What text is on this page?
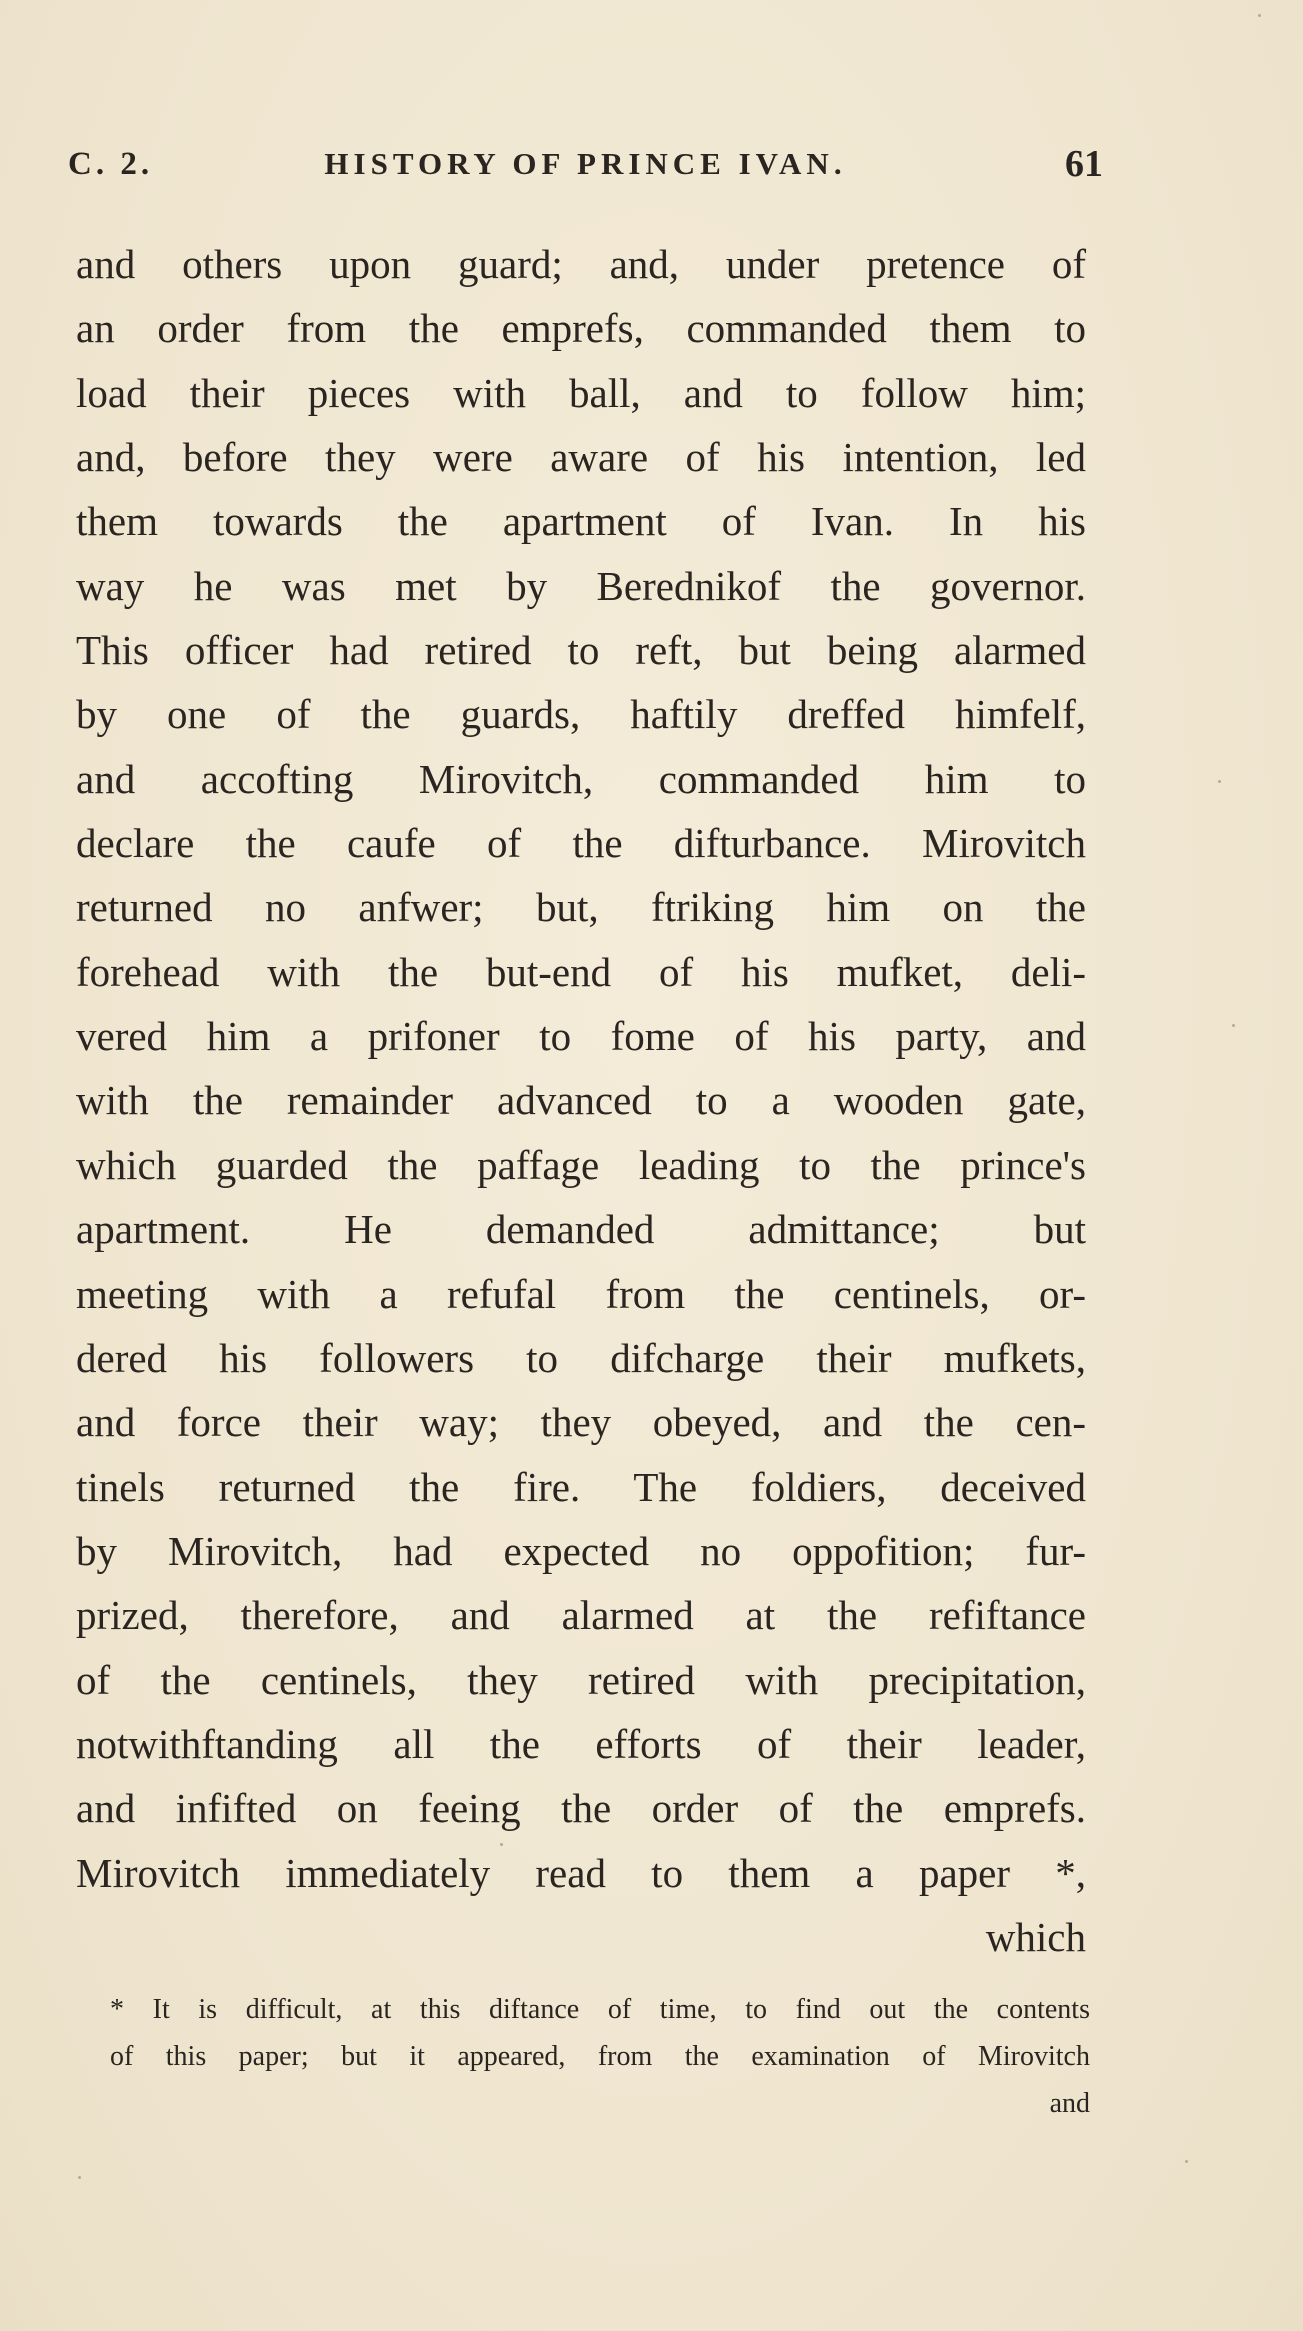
C. 2.	HISTORY OF PRINCE IVAN.	61
and others upon guard; and, under pretence of
an order from the emprefs, commanded them to
load their pieces with ball, and to follow him;
and, before they were aware of his intention, led
them towards the apartment of Ivan. In his
way he was met by Berednikof the governor.
This officer had retired to reft, but being alarmed
by one of the guards, haftily dreffed himfelf,
and accofting Mirovitch, commanded him to
declare the caufe of the difturbance. Mirovitch
returned no anfwer; but, ftriking him on the
forehead with the but-end of his mufket, deli-
vered him a prifoner to fome of his party, and
with the remainder advanced to a wooden gate,
which guarded the paffage leading to the prince's
apartment. He demanded admittance; but
meeting with a refufal from the centinels, or-
dered his followers to difcharge their mufkets,
and force their way; they obeyed, and the cen-
tinels returned the fire. The foldiers, deceived
by Mirovitch, had expected no oppofition; fur-
prized, therefore, and alarmed at the refiftance
of the centinels, they retired with precipitation,
notwithftanding all the efforts of their leader,
and infifted on feeing the order of the emprefs.
Mirovitch immediately read to them a paper *,
which
* It is difficult, at this diftance of time, to find out the contents
of this paper; but it appeared, from the examination of Mirovitch
and
